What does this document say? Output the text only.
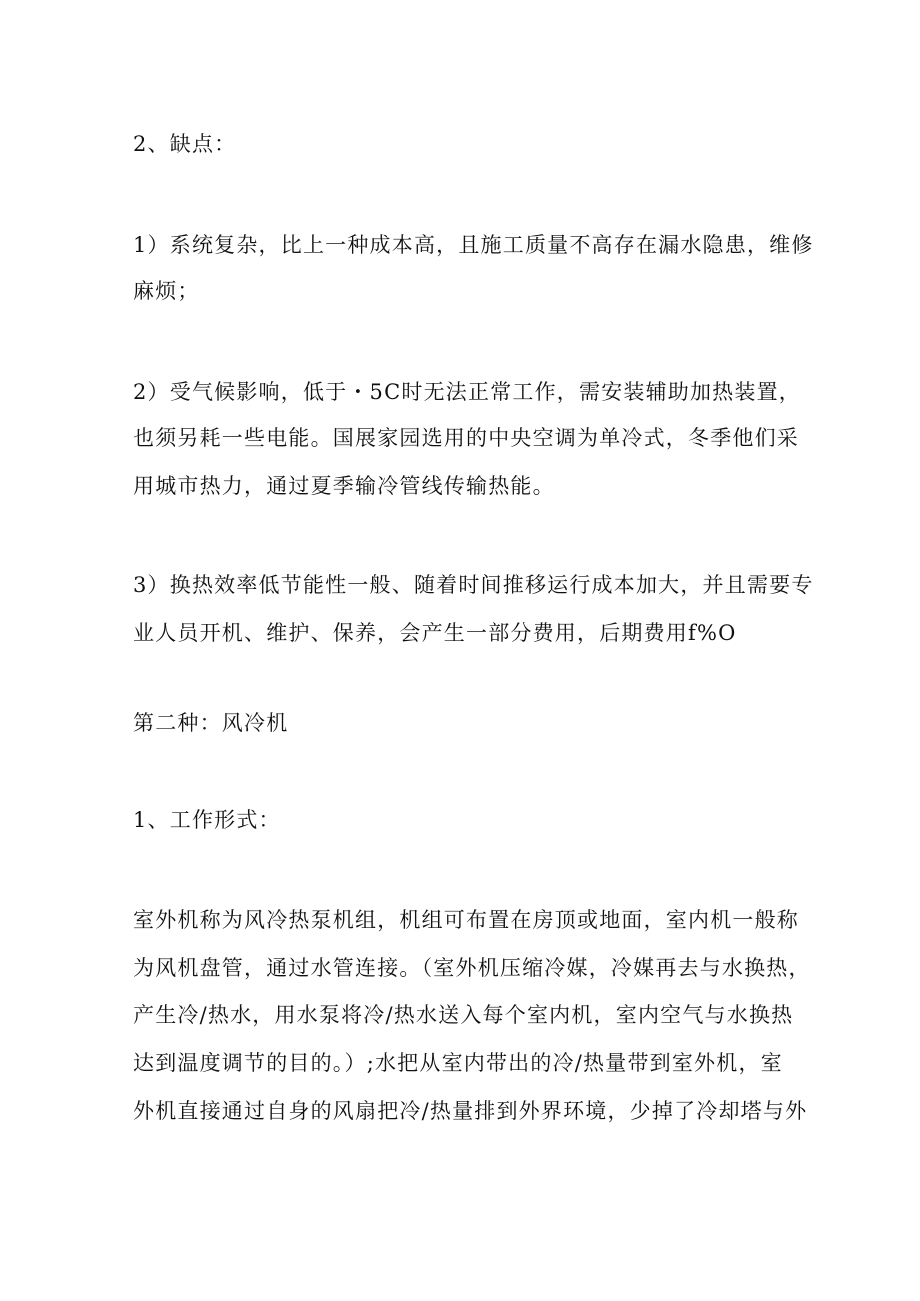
2、缺点：

1）系统复杂，比上一种成本高，且施工质量不高存在漏水隐患，维修

麻烦；

2）受气候影响，低于・5C时无法正常工作，需安装辅助加热装置，

也须另耗一些电能。国展家园选用的中央空调为单冷式，冬季他们采

用城市热力，通过夏季输冷管线传输热能。

3）换热效率低节能性一般、随着时间推移运行成本加大，并且需要专

业人员开机、维护、保养，会产生一部分费用，后期费用f%O

第二种：风冷机

1、工作形式：

室外机称为风冷热泵机组，机组可布置在房顶或地面，室内机一般称

为风机盘管，通过水管连接。（室外机压缩冷媒，冷媒再去与水换热，

产生冷/热水，用水泵将冷/热水送入每个室内机，室内空气与水换热

达到温度调节的目的。）;水把从室内带出的冷/热量带到室外机，室

外机直接通过自身的风扇把冷/热量排到外界环境，少掉了冷却塔与外
